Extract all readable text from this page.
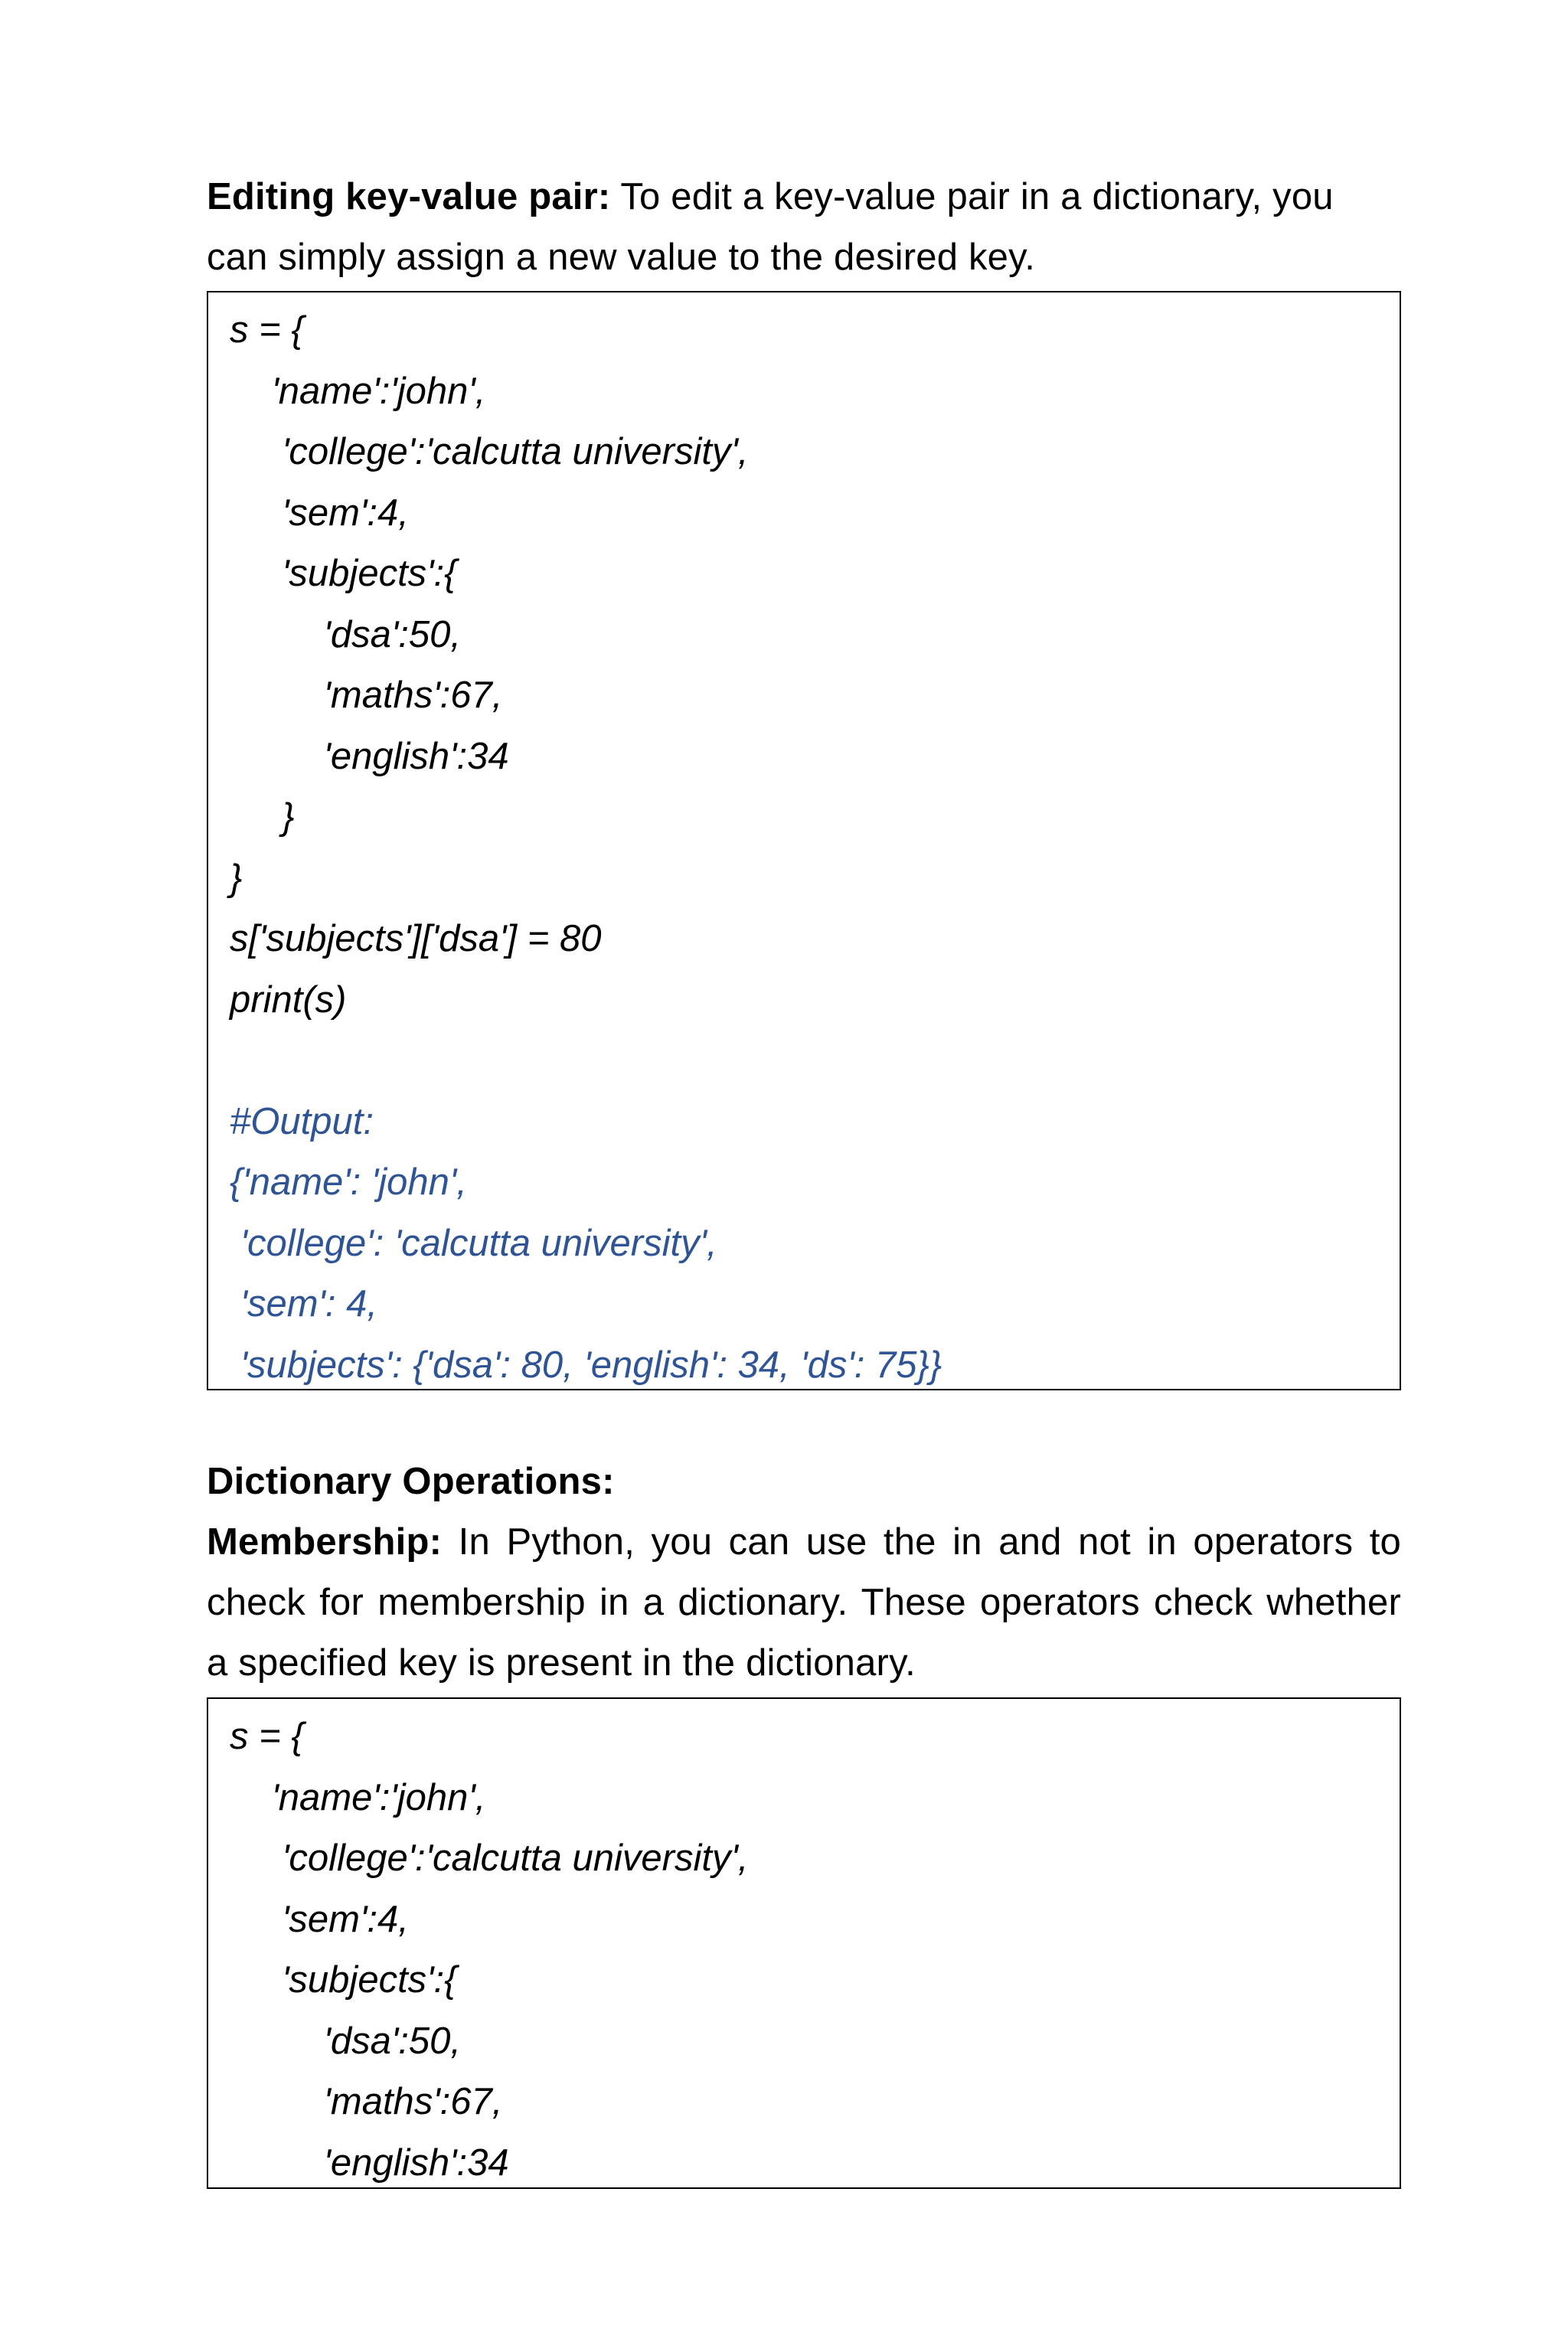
Editing key-value pair: To edit a key-value pair in a dictionary, you
can simply assign a new value to the desired key.
s = {
'name':'john',
'college':'calcutta university',
'sem':4,
'subjects':{
'dsa':50,
'maths':67,
'english':34
}
}
s['subjects']['dsa'] = 80
print(s)
#Output:
{'name': 'john',
'college': 'calcutta university',
'sem': 4,
'subjects': {'dsa': 80, 'english': 34, 'ds': 75}}
Dictionary Operations:
Membership: In Python, you can use the in and not in operators to check for membership in a dictionary. These operators check whether a specified key is present in the dictionary.
s = {
'name':'john',
'college':'calcutta university',
'sem':4,
'subjects':{
'dsa':50,
'maths':67,
'english':34
